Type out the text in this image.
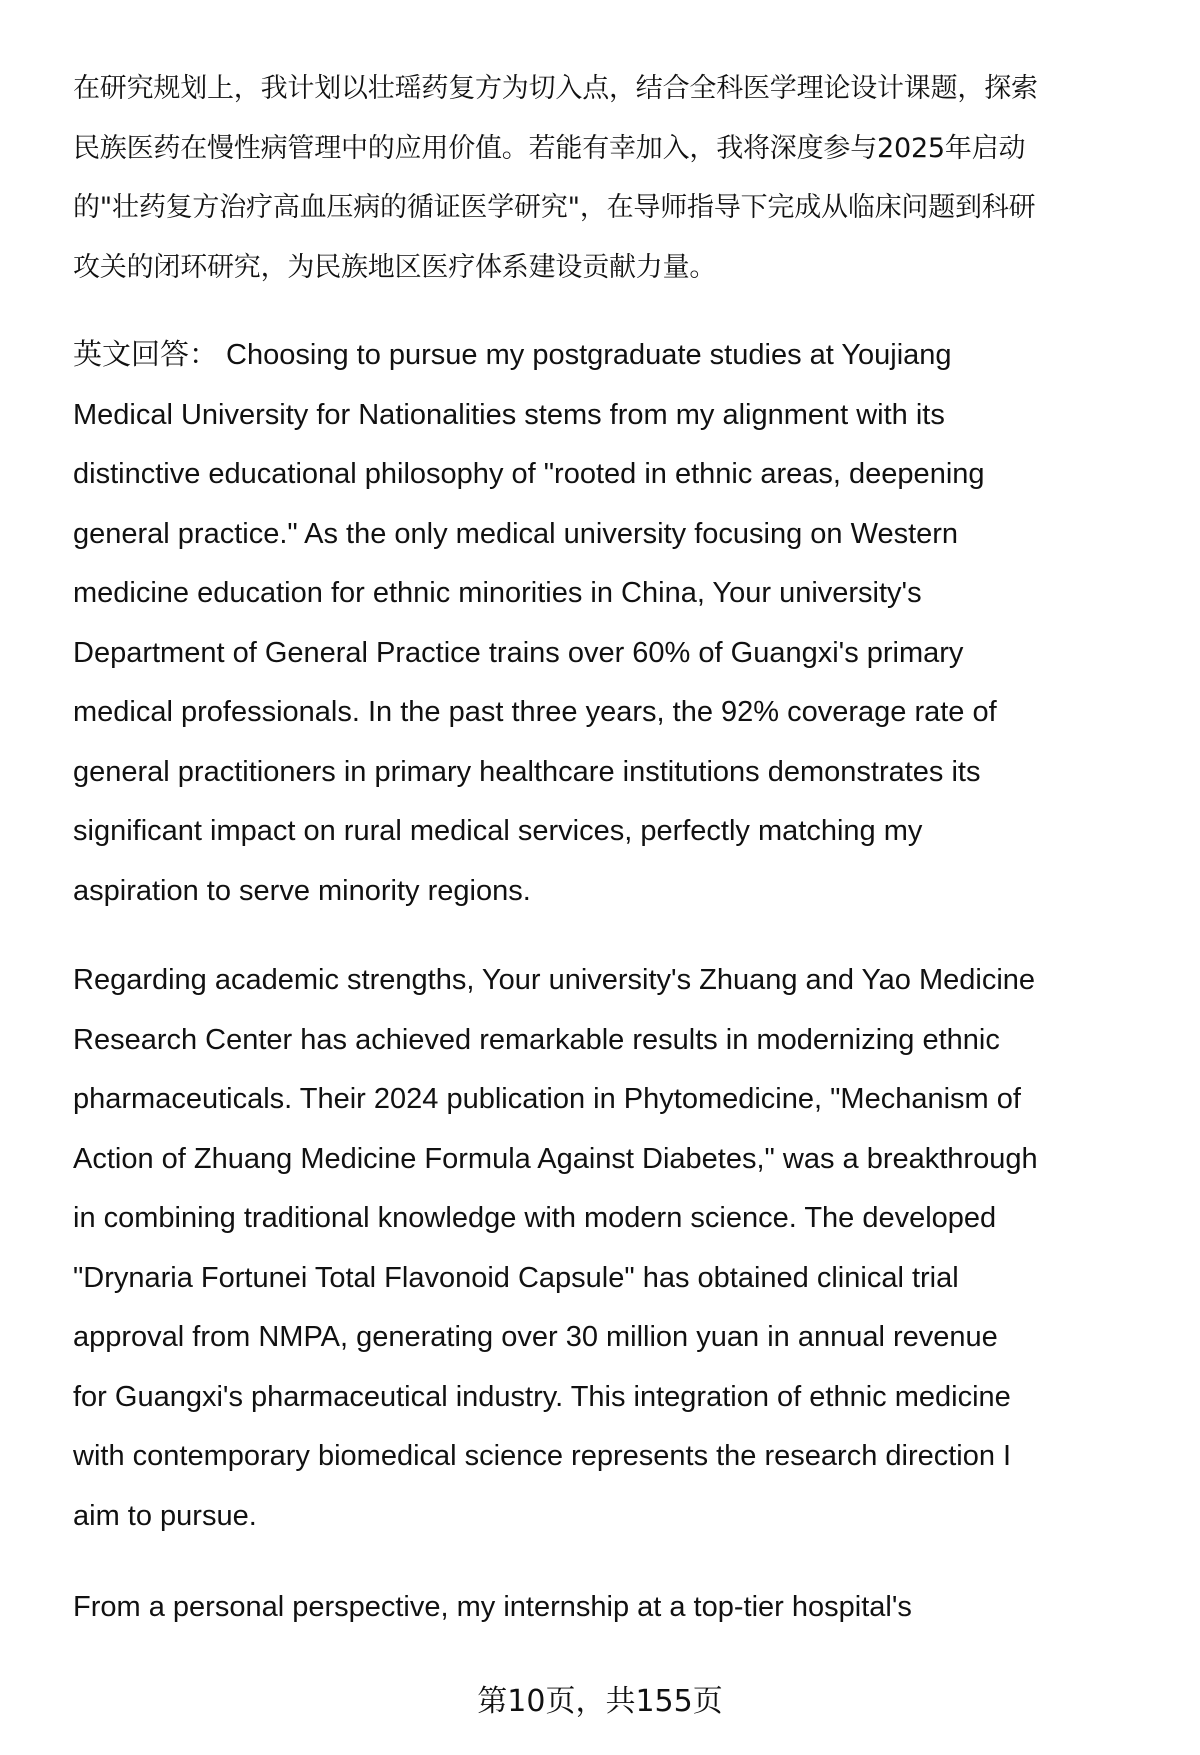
在研究规划上，我计划以壮瑶药复方为切入点，结合全科医学理论设计课题，探索
民族医药在慢性病管理中的应用价值。若能有幸加入，我将深度参与2025年启动
的"壮药复方治疗高血压病的循证医学研究"，在导师指导下完成从临床问题到科研
攻关的闭环研究，为民族地区医疗体系建设贡献力量。
英文回答： Choosing to pursue my postgraduate studies at Youjiang
Medical University for Nationalities stems from my alignment with its
distinctive educational philosophy of "rooted in ethnic areas, deepening
general practice." As the only medical university focusing on Western
medicine education for ethnic minorities in China, Your university's
Department of General Practice trains over 60% of Guangxi's primary
medical professionals. In the past three years, the 92% coverage rate of
general practitioners in primary healthcare institutions demonstrates its
significant impact on rural medical services, perfectly matching my
aspiration to serve minority regions.
Regarding academic strengths, Your university's Zhuang and Yao Medicine
Research Center has achieved remarkable results in modernizing ethnic
pharmaceuticals. Their 2024 publication in Phytomedicine, "Mechanism of
Action of Zhuang Medicine Formula Against Diabetes," was a breakthrough
in combining traditional knowledge with modern science. The developed
"Drynaria Fortunei Total Flavonoid Capsule" has obtained clinical trial
approval from NMPA, generating over 30 million yuan in annual revenue
for Guangxi's pharmaceutical industry. This integration of ethnic medicine
with contemporary biomedical science represents the research direction I
aim to pursue.
From a personal perspective, my internship at a top-tier hospital's
第10页，共155页
